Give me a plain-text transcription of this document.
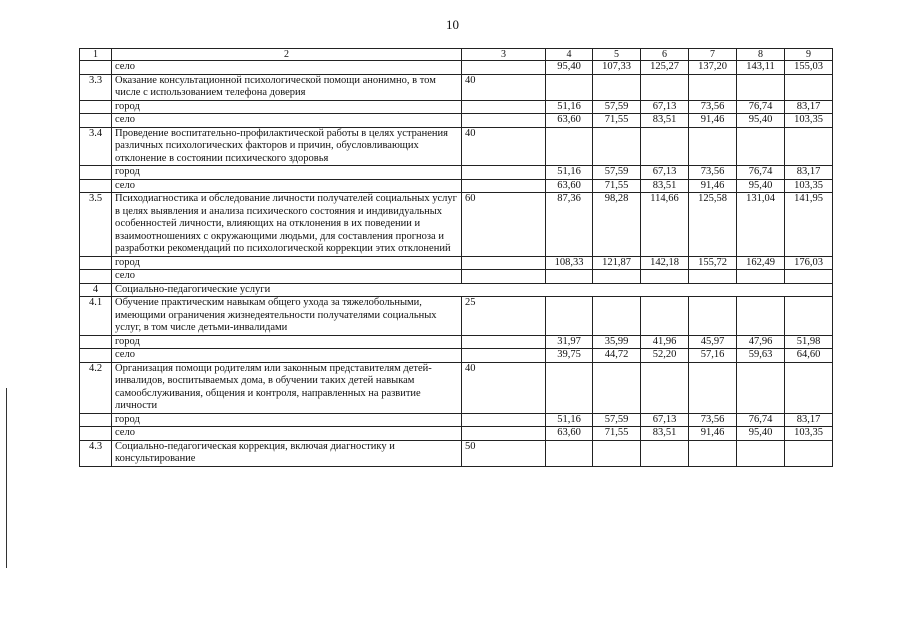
10
1	2	3	4	5	6	7	8	9
	село		95,40	107,33	125,27	137,20	143,11	155,03
3.3	Оказание консультационной психологической помощи анонимно, в том числе с использованием телефона доверия	40						
	город		51,16	57,59	67,13	73,56	76,74	83,17
	село		63,60	71,55	83,51	91,46	95,40	103,35
3.4	Проведение воспитательно-профилактической работы в целях устранения различных психологических факторов и причин, обусловливающих отклонение в состоянии психического здоровья	40						
	город		51,16	57,59	67,13	73,56	76,74	83,17
	село		63,60	71,55	83,51	91,46	95,40	103,35
3.5	Психодиагностика и обследование личности получателей социальных услуг в целях выявления и анализа психического состояния и индивидуальных особенностей личности, влияющих на отклонения в их поведении и взаимоотношениях с окружающими людьми, для составления прогноза и разработки рекомендаций по психологической коррекции этих отклонений	60	87,36	98,28	114,66	125,58	131,04	141,95
	город		108,33	121,87	142,18	155,72	162,49	176,03
	село							
4	Социально-педагогические услуги							
4.1	Обучение практическим навыкам общего ухода за тяжелобольными, имеющими ограничения жизнедеятельности получателями социальных услуг, в том числе детьми-инвалидами	25						
	город		31,97	35,99	41,96	45,97	47,96	51,98
	село		39,75	44,72	52,20	57,16	59,63	64,60
4.2	Организация помощи родителям или законным представителям детей-инвалидов, воспитываемых дома, в обучении таких детей навыкам самообслуживания, общения и контроля, направленных на развитие личности	40						
	город		51,16	57,59	67,13	73,56	76,74	83,17
	село		63,60	71,55	83,51	91,46	95,40	103,35
4.3	Социально-педагогическая коррекция, включая диагностику и консультирование	50						
